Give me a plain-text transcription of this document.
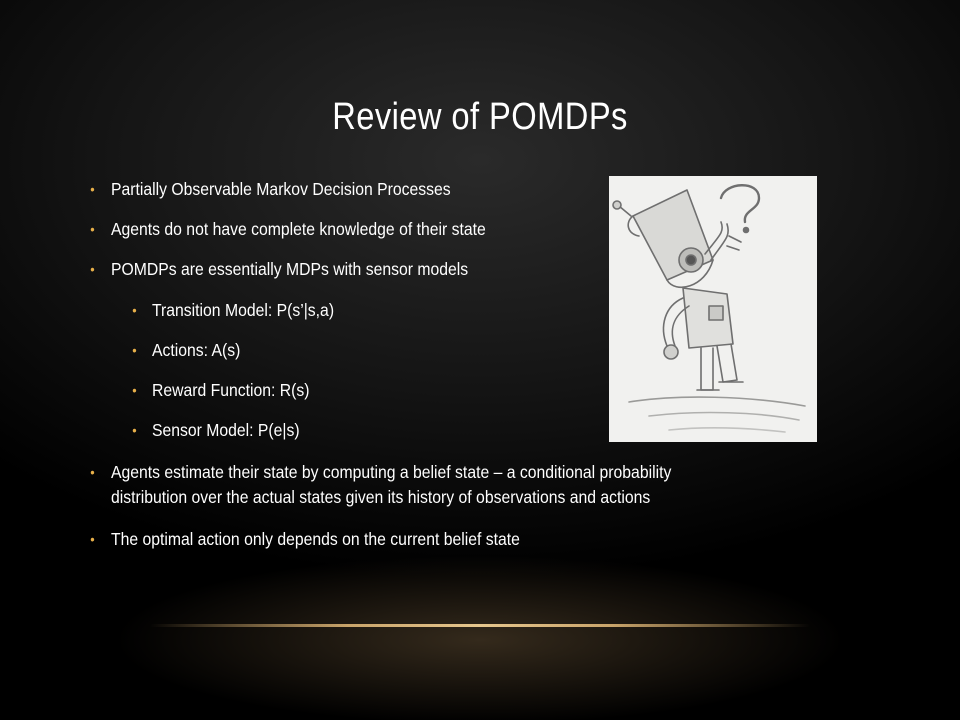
Review of POMDPs
• Partially Observable Markov Decision Processes
• Agents do not have complete knowledge of their state
• POMDPs are essentially MDPs with sensor models
• Transition Model: P(s’|s,a)
• Actions: A(s)
• Reward Function: R(s)
• Sensor Model: P(e|s)
• Agents estimate their state by computing a belief state – a conditional probability
distribution over the actual states given its history of observations and actions
• The optimal action only depends on the current belief state
